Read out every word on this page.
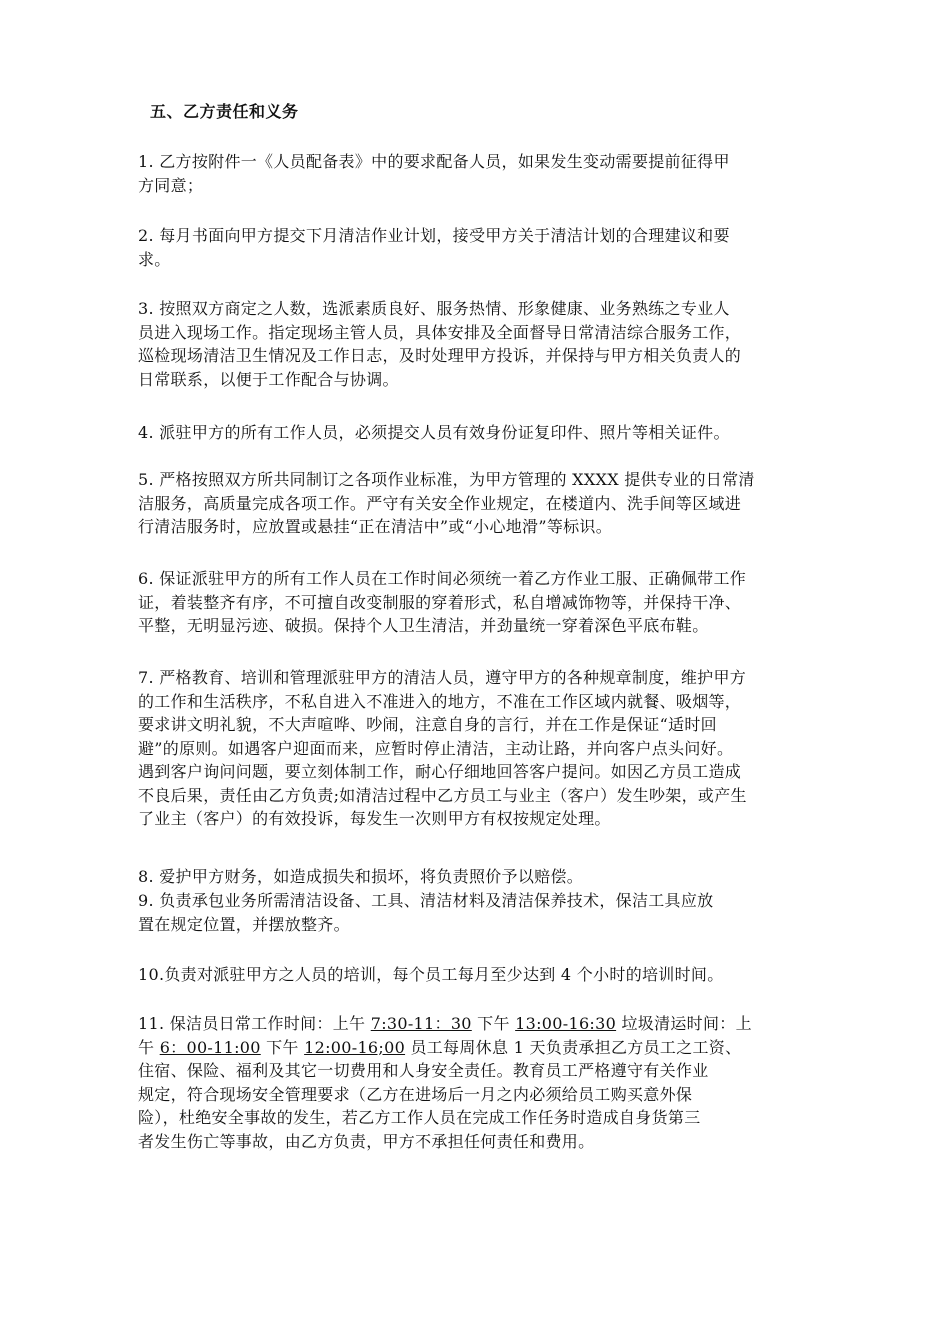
五、乙方责任和义务
1. 乙方按附件一《人员配备表》中的要求配备人员，如果发生变动需要提前征得甲
方同意；
2. 每月书面向甲方提交下月清洁作业计划，接受甲方关于清洁计划的合理建议和要
求。
3. 按照双方商定之人数，选派素质良好、服务热情、形象健康、业务熟练之专业人
员进入现场工作。指定现场主管人员，具体安排及全面督导日常清洁综合服务工作，
巡检现场清洁卫生情况及工作日志，及时处理甲方投诉，并保持与甲方相关负责人的
日常联系，以便于工作配合与协调。
4. 派驻甲方的所有工作人员，必须提交人员有效身份证复印件、照片等相关证件。
5. 严格按照双方所共同制订之各项作业标准，为甲方管理的 XXXX 提供专业的日常清
洁服务，高质量完成各项工作。严守有关安全作业规定，在楼道内、洗手间等区域进
行清洁服务时，应放置或悬挂“正在清洁中”或“小心地滑”等标识。
6. 保证派驻甲方的所有工作人员在工作时间必须统一着乙方作业工服、正确佩带工作
证，着装整齐有序，不可擅自改变制服的穿着形式，私自增减饰物等，并保持干净、
平整，无明显污迹、破损。保持个人卫生清洁，并劲量统一穿着深色平底布鞋。
7. 严格教育、培训和管理派驻甲方的清洁人员，遵守甲方的各种规章制度，维护甲方
的工作和生活秩序，不私自进入不准进入的地方，不准在工作区域内就餐、吸烟等，
要求讲文明礼貌，不大声喧哗、吵闹，注意自身的言行，并在工作是保证“适时回
避”的原则。如遇客户迎面而来，应暂时停止清洁，主动让路，并向客户点头问好。
遇到客户询问问题，要立刻体制工作，耐心仔细地回答客户提问。如因乙方员工造成
不良后果，责任由乙方负责;如清洁过程中乙方员工与业主（客户）发生吵架，或产生
了业主（客户）的有效投诉，每发生一次则甲方有权按规定处理。
8. 爱护甲方财务，如造成损失和损坏，将负责照价予以赔偿。
9. 负责承包业务所需清洁设备、工具、清洁材料及清洁保养技术，保洁工具应放
置在规定位置，并摆放整齐。
10.负责对派驻甲方之人员的培训，每个员工每月至少达到 4 个小时的培训时间。
11. 保洁员日常工作时间：上午 7:30-11：30 下午 13:00-16:30 垃圾清运时间：上
午 6：00-11:00 下午 12:00-16;00 员工每周休息 1 天负责承担乙方员工之工资、
住宿、保险、福利及其它一切费用和人身安全责任。教育员工严格遵守有关作业
规定，符合现场安全管理要求（乙方在进场后一月之内必须给员工购买意外保
险），杜绝安全事故的发生，若乙方工作人员在完成工作任务时造成自身货第三
者发生伤亡等事故，由乙方负责，甲方不承担任何责任和费用。
